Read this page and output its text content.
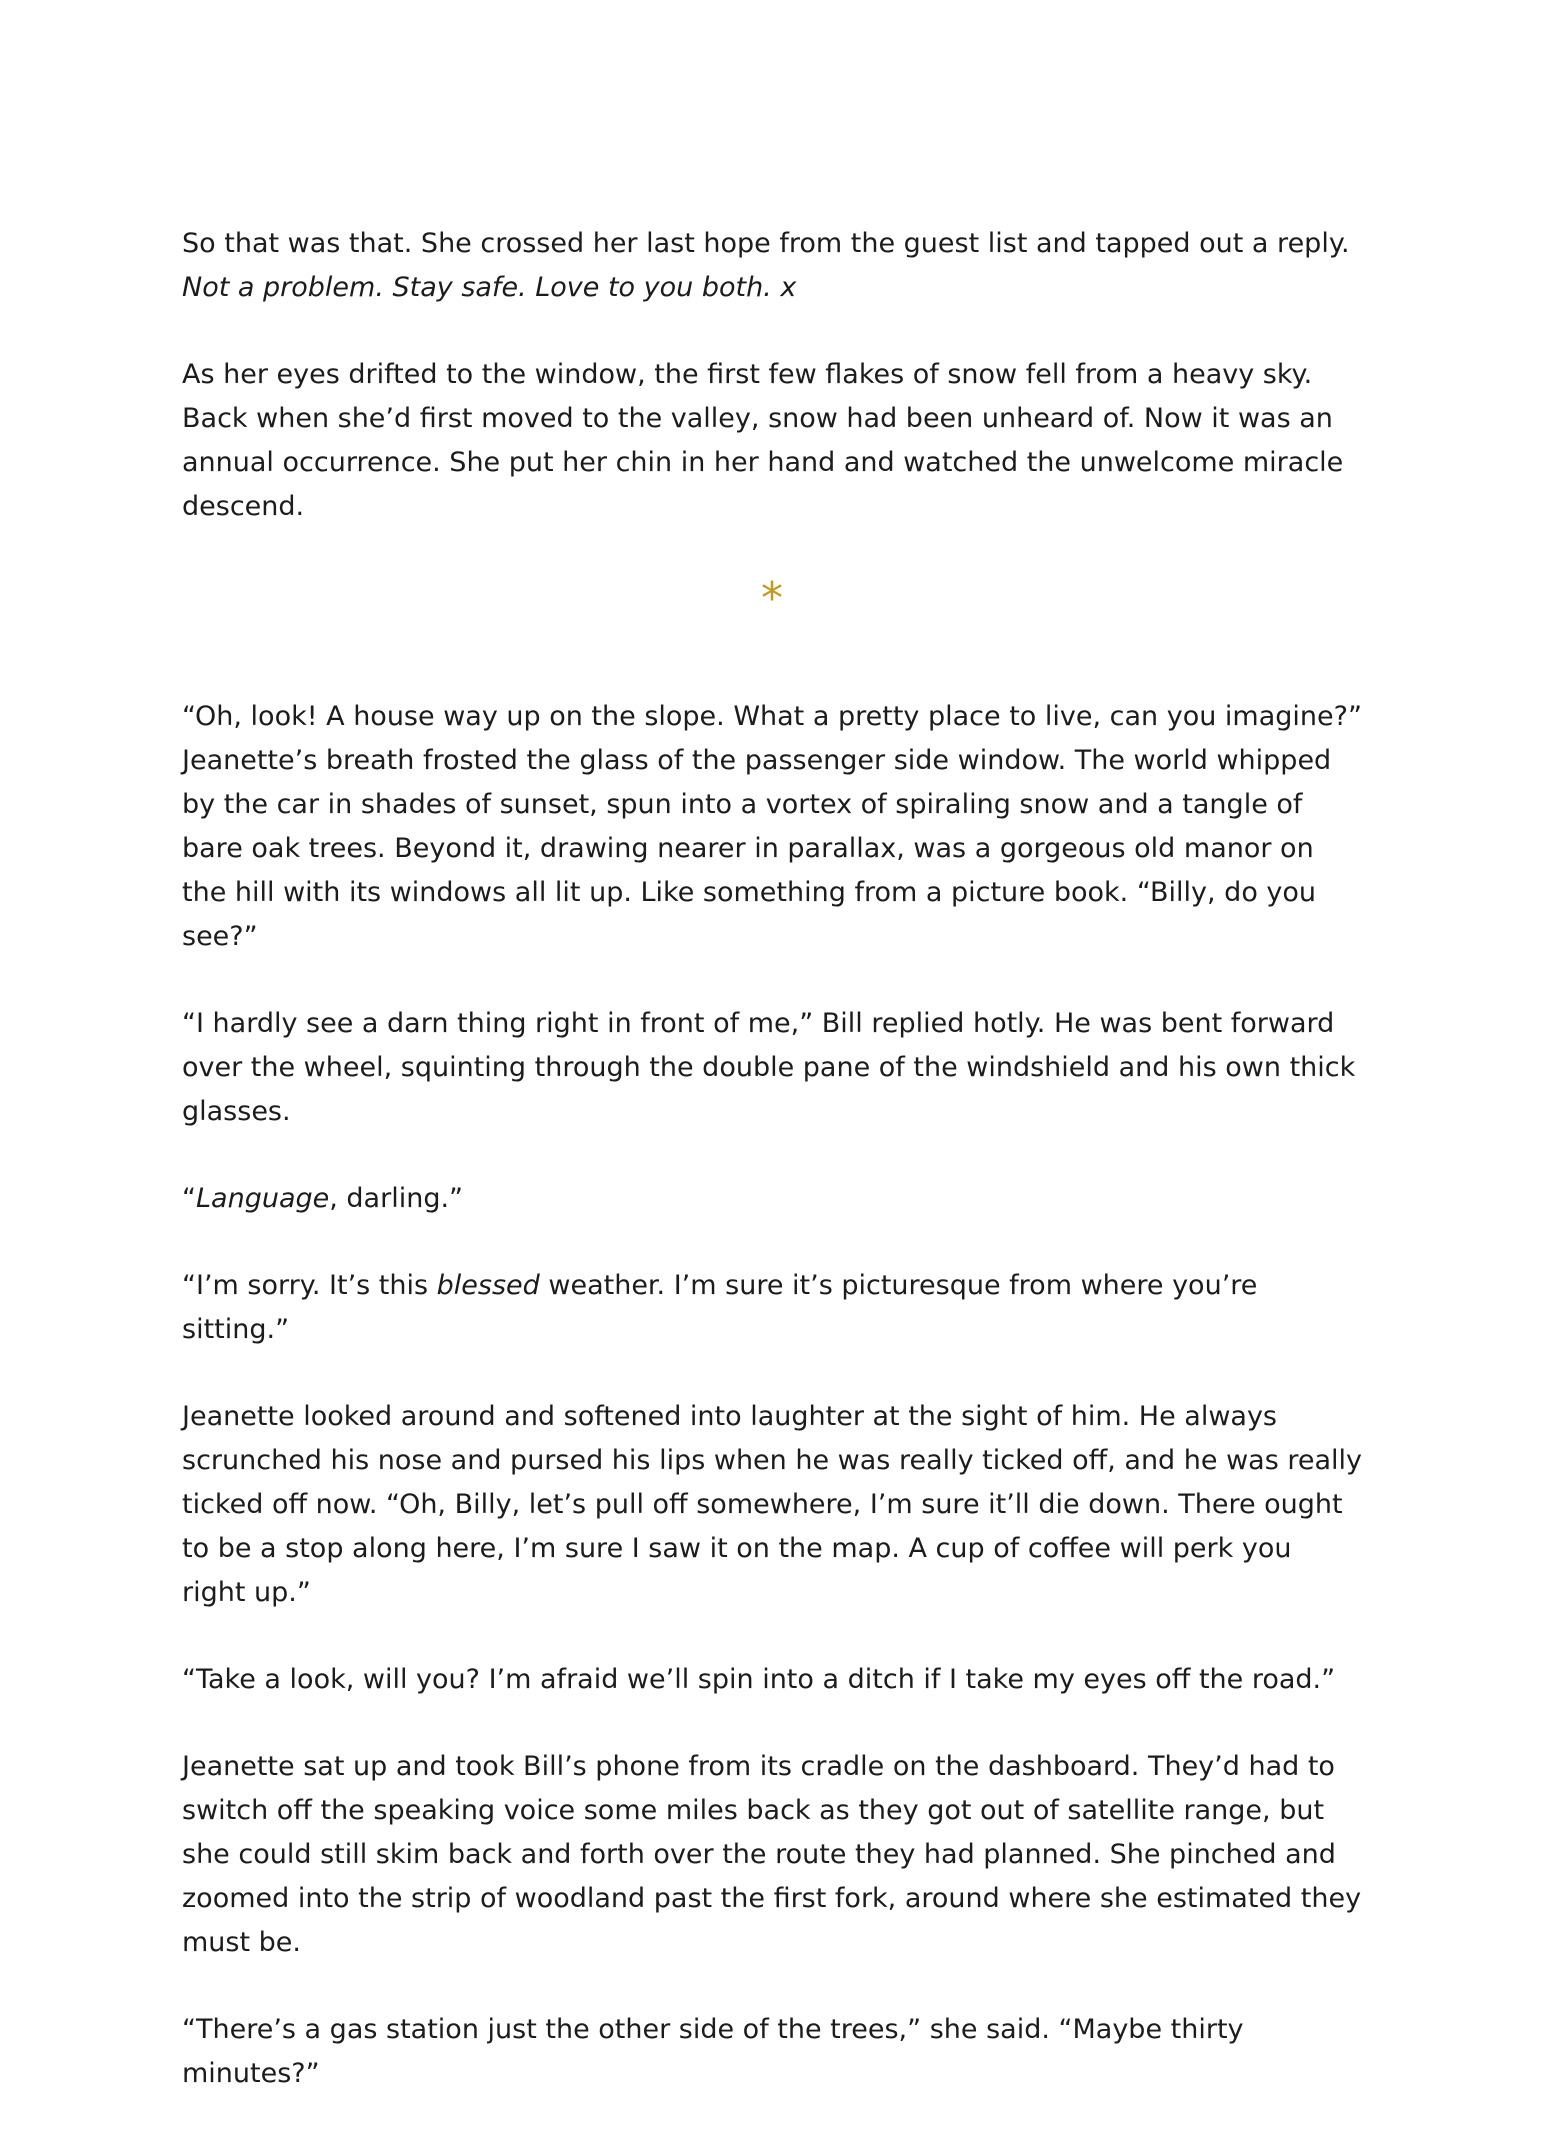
So that was that. She crossed her last hope from the guest list and tapped out a reply. Not a problem. Stay safe. Love to you both. x

As her eyes drifted to the window, the first few flakes of snow fell from a heavy sky. Back when she’d first moved to the valley, snow had been unheard of. Now it was an annual occurrence. She put her chin in her hand and watched the unwelcome miracle descend.

*

“Oh, look! A house way up on the slope. What a pretty place to live, can you imagine?” Jeanette’s breath frosted the glass of the passenger side window. The world whipped by the car in shades of sunset, spun into a vortex of spiraling snow and a tangle of bare oak trees. Beyond it, drawing nearer in parallax, was a gorgeous old manor on the hill with its windows all lit up. Like something from a picture book. “Billy, do you see?”

“I hardly see a darn thing right in front of me,” Bill replied hotly. He was bent forward over the wheel, squinting through the double pane of the windshield and his own thick glasses.

“Language, darling.”

“I’m sorry. It’s this blessed weather. I’m sure it’s picturesque from where you’re sitting.”

Jeanette looked around and softened into laughter at the sight of him. He always scrunched his nose and pursed his lips when he was really ticked off, and he was really ticked off now. “Oh, Billy, let’s pull off somewhere, I’m sure it’ll die down. There ought to be a stop along here, I’m sure I saw it on the map. A cup of coffee will perk you right up.”

“Take a look, will you? I’m afraid we’ll spin into a ditch if I take my eyes off the road.”

Jeanette sat up and took Bill’s phone from its cradle on the dashboard. They’d had to switch off the speaking voice some miles back as they got out of satellite range, but she could still skim back and forth over the route they had planned. She pinched and zoomed into the strip of woodland past the first fork, around where she estimated they must be.

“There’s a gas station just the other side of the trees,” she said. “Maybe thirty minutes?”
